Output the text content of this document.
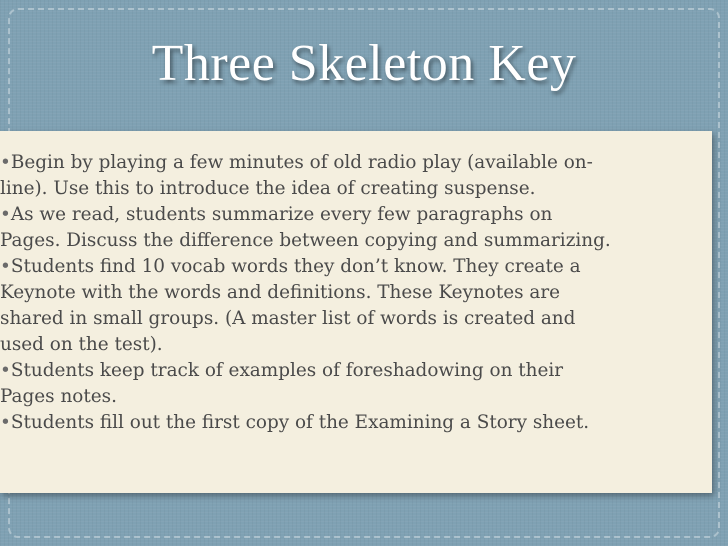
Three Skeleton Key
•Begin by playing a few minutes of old radio play (available on-
line). Use this to introduce the idea of creating suspense.
•As we read, students summarize every few paragraphs on
Pages. Discuss the difference between copying and summarizing.
•Students find 10 vocab words they don’t know. They create a
Keynote with the words and definitions. These Keynotes are
shared in small groups. (A master list of words is created and
used on the test).
•Students keep track of examples of foreshadowing on their
Pages notes.
•Students fill out the first copy of the Examining a Story sheet.
